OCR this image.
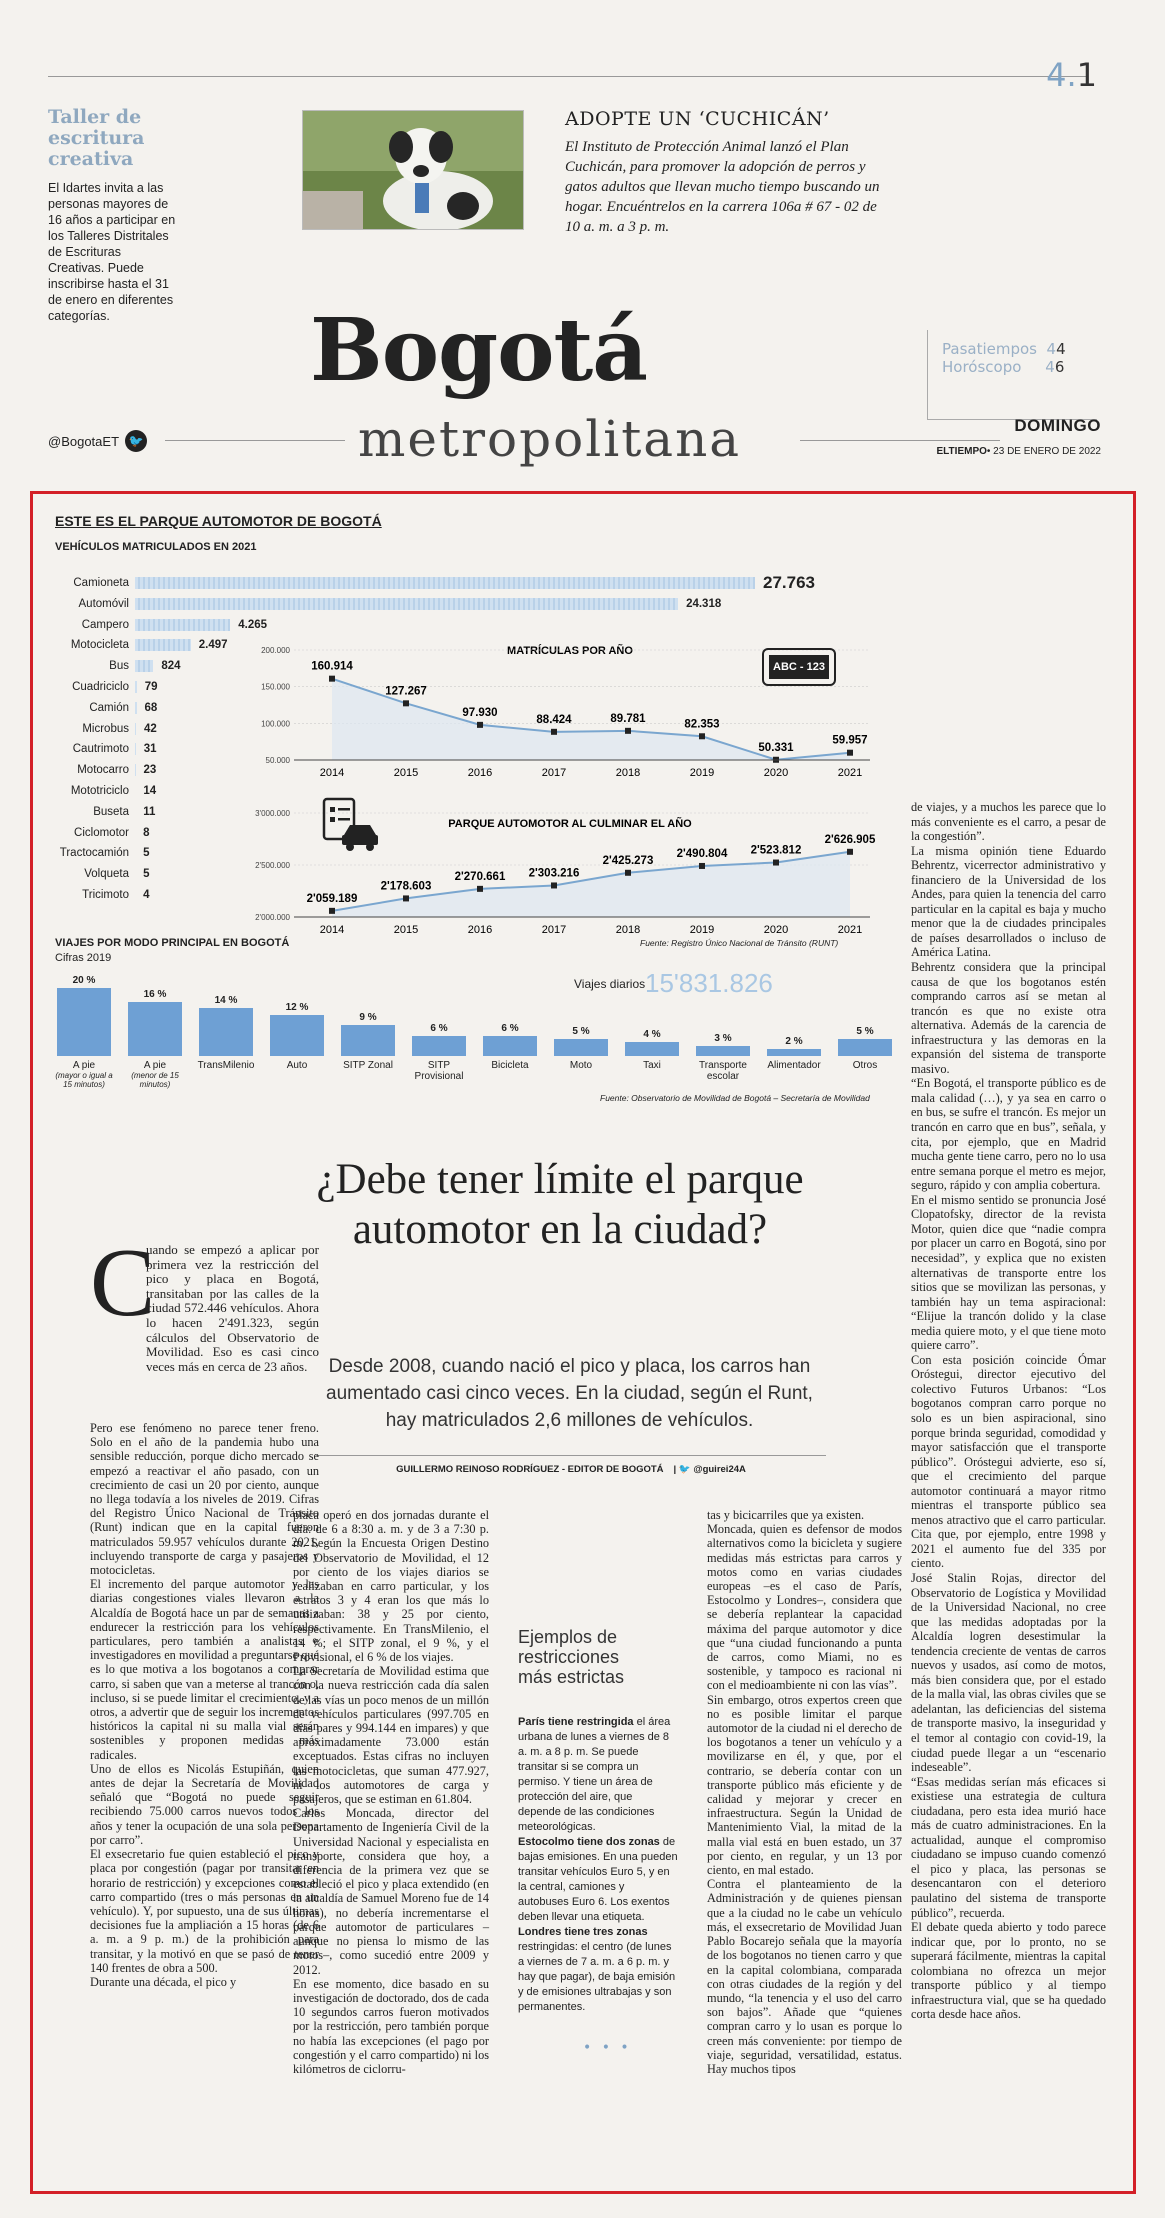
4.1
Taller de escritura creativa
El Idartes invita a las personas mayores de 16 años a participar en los Talleres Distritales de Escrituras Creativas. Puede inscribirse hasta el 31 de enero en diferentes categorías.
ADOPTE UN ‘CUCHICÁN’
El Instituto de Protección Animal lanzó el Plan Cuchicán, para promover la adopción de perros y gatos adultos que llevan mucho tiempo buscando un hogar. Encuéntrelos en la carrera 106a # 67 - 02 de 10 a. m. a 3 p. m.
Bogotá
metropolitana
@BogotaET 🐦
Pasatiempos 44
Horóscopo 46
DOMINGO
ELTIEMPO• 23 DE ENERO DE 2022
ESTE ES EL PARQUE AUTOMOTOR DE BOGOTÁ
VEHÍCULOS MATRICULADOS EN 2021
Camioneta	27.763
Automóvil	24.318
Campero	4.265
Motocicleta	2.497
Bus	824
Cuadriciclo	79
Camión	68
Microbus	42
Cautrimoto	31
Motocarro	23
Mototriciclo	14
Buseta	11
Ciclomotor	8
Tractocamión	5
Volqueta	5
Tricimoto	4
MATRÍCULAS POR AÑO
200.000
150.000
100.000
50.000
160.914
2014
127.267
2015
97.930
2016
88.424
2017
89.781
2018
82.353
2019
50.331
2020
59.957
2021
PARQUE AUTOMOTOR AL CULMINAR EL AÑO
3'000.000
2'500.000
2'000.000
2'059.189
2014
2'178.603
2015
2'270.661
2016
2'303.216
2017
2'425.273
2018
2'490.804
2019
2'523.812
2020
2'626.905
2021
ABC - 123
Fuente: Registro Único Nacional de Tránsito (RUNT)
VIAJES POR MODO PRINCIPAL EN BOGOTÁ
Cifras 2019
Viajes diarios 15'831.826
20 %
A pie
(mayor o igual a 15 minutos)
16 %
A pie
(menor de 15 minutos)
14 %
TransMilenio
12 %
Auto
9 %
SITP Zonal
6 %
SITP Provisional
6 %
Bicicleta
5 %
Moto
4 %
Taxi
3 %
Transporte escolar
2 %
Alimentador
5 %
Otros
Fuente: Observatorio de Movilidad de Bogotá – Secretaría de Movilidad
¿Debe tener límite el parque automotor en la ciudad?
Desde 2008, cuando nació el pico y placa, los carros han aumentado casi cinco veces. En la ciudad, según el Runt, hay matriculados 2,6 millones de vehículos.
GUILLERMO REINOSO RODRÍGUEZ - EDITOR DE BOGOTÁ | 🐦 @guirei24A
C
uando se empezó a aplicar por primera vez la restricción del pico y placa en Bogotá, transitaban por las calles de la ciudad 572.446 vehículos. Ahora lo hacen 2'491.323, según cálculos del Observatorio de Movilidad. Eso es casi cinco veces más en cerca de 23 años.
Pero ese fenómeno no parece tener freno. Solo en el año de la pandemia hubo una sensible reducción, porque dicho mercado se empezó a reactivar el año pasado, con un crecimiento de casi un 20 por ciento, aunque no llega todavía a los niveles de 2019. Cifras del Registro Único Nacional de Tránsito (Runt) indican que en la capital fueron matriculados 59.957 vehículos durante 2021, incluyendo transporte de carga y pasajeros y motocicletas.
El incremento del parque automotor y las diarias congestiones viales llevaron a la Alcaldía de Bogotá hace un par de semanas a endurecer la restricción para los vehículos particulares, pero también a analistas e investigadores en movilidad a preguntarse qué es lo que motiva a los bogotanos a comprar carro, si saben que van a meterse al trancón o, incluso, si se puede limitar el crecimiento, y a otros, a advertir que de seguir los incrementos históricos la capital ni su malla vial serán sostenibles y proponen medidas más radicales.
Uno de ellos es Nicolás Estupiñán, quien antes de dejar la Secretaría de Movilidad señaló que “Bogotá no puede seguir recibiendo 75.000 carros nuevos todos los años y tener la ocupación de una sola persona por carro”.
El exsecretario fue quien estableció el pico y placa por congestión (pagar por transitar en horario de restricción) y excepciones como el carro compartido (tres o más personas en un vehículo). Y, por supuesto, una de sus últimas decisiones fue la ampliación a 15 horas (de 6 a. m. a 9 p. m.) de la prohibición para transitar, y la motivó en que se pasó de tener 140 frentes de obra a 500.
Durante una década, el pico y
placa operó en dos jornadas durante el día: de 6 a 8:30 a. m. y de 3 a 7:30 p. m. Según la Encuesta Origen Destino del Observatorio de Movilidad, el 12 por ciento de los viajes diarios se realizaban en carro particular, y los estratos 3 y 4 eran los que más lo utilizaban: 38 y 25 por ciento, respectivamente. En TransMilenio, el 14 %; el SITP zonal, el 9 %, y el Provisional, el 6 % de los viajes.
La Secretaría de Movilidad estima que con la nueva restricción cada día salen de las vías un poco menos de un millón de vehículos particulares (997.705 en días pares y 994.144 en impares) y que aproximadamente 73.000 están exceptuados. Estas cifras no incluyen las motocicletas, que suman 477.927, ni los automotores de carga y pasajeros, que se estiman en 61.804.
Carlos Moncada, director del Departamento de Ingeniería Civil de la Universidad Nacional y especialista en transporte, considera que hoy, a diferencia de la primera vez que se estableció el pico y placa extendido (en la alcaldía de Samuel Moreno fue de 14 horas), no debería incrementarse el parque automotor de particulares –aunque no piensa lo mismo de las motos–, como sucedió entre 2009 y 2012.
En ese momento, dice basado en su investigación de doctorado, dos de cada 10 segundos carros fueron motivados por la restricción, pero también porque no había las excepciones (el pago por congestión y el carro compartido) ni los kilómetros de ciclorru-
Ejemplos de restricciones más estrictas

París tiene restringida el área urbana de lunes a viernes de 8 a. m. a 8 p. m. Se puede transitar si se compra un permiso. Y tiene un área de protección del aire, que depende de las condiciones meteorológicas.

Estocolmo tiene dos zonas de bajas emisiones. En una pueden transitar vehículos Euro 5, y en la central, camiones y autobuses Euro 6. Los exentos deben llevar una etiqueta.

Londres tiene tres zonas restringidas: el centro (de lunes a viernes de 7 a. m. a 6 p. m. y hay que pagar), de baja emisión y de emisiones ultrabajas y son permanentes.

• • •
tas y bicicarriles que ya existen.
Moncada, quien es defensor de modos alternativos como la bicicleta y sugiere medidas más estrictas para carros y motos como en varias ciudades europeas –es el caso de París, Estocolmo y Londres–, considera que se debería replantear la capacidad máxima del parque automotor y dice que “una ciudad funcionando a punta de carros, como Miami, no es sostenible, y tampoco es racional ni con el medioambiente ni con las vías”.
Sin embargo, otros expertos creen que no es posible limitar el parque automotor de la ciudad ni el derecho de los bogotanos a tener un vehículo y a movilizarse en él, y que, por el contrario, se debería contar con un transporte público más eficiente y de calidad y mejorar y crecer en infraestructura. Según la Unidad de Mantenimiento Vial, la mitad de la malla vial está en buen estado, un 37 por ciento, en regular, y un 13 por ciento, en mal estado.
Contra el planteamiento de la Administración y de quienes piensan que a la ciudad no le cabe un vehículo más, el exsecretario de Movilidad Juan Pablo Bocarejo señala que la mayoría de los bogotanos no tienen carro y que en la capital colombiana, comparada con otras ciudades de la región y del mundo, “la tenencia y el uso del carro son bajos”. Añade que “quienes compran carro y lo usan es porque lo creen más conveniente: por tiempo de viaje, seguridad, versatilidad, estatus. Hay muchos tipos
de viajes, y a muchos les parece que lo más conveniente es el carro, a pesar de la congestión”.
La misma opinión tiene Eduardo Behrentz, vicerrector administrativo y financiero de la Universidad de los Andes, para quien la tenencia del carro particular en la capital es baja y mucho menor que la de ciudades principales de países desarrollados o incluso de América Latina.
Behrentz considera que la principal causa de que los bogotanos estén comprando carros así se metan al trancón es que no existe otra alternativa. Además de la carencia de infraestructura y las demoras en la expansión del sistema de transporte masivo.
“En Bogotá, el transporte público es de mala calidad (…), y ya sea en carro o en bus, se sufre el trancón. Es mejor un trancón en carro que en bus”, señala, y cita, por ejemplo, que en Madrid mucha gente tiene carro, pero no lo usa entre semana porque el metro es mejor, seguro, rápido y con amplia cobertura.
En el mismo sentido se pronuncia José Clopatofsky, director de la revista Motor, quien dice que “nadie compra por placer un carro en Bogotá, sino por necesidad”, y explica que no existen alternativas de transporte entre los sitios que se movilizan las personas, y también hay un tema aspiracional: “Elijue la trancón dolido y la clase media quiere moto, y el que tiene moto quiere carro”.
Con esta posición coincide Ómar Oróstegui, director ejecutivo del colectivo Futuros Urbanos: “Los bogotanos compran carro porque no solo es un bien aspiracional, sino porque brinda seguridad, comodidad y mayor satisfacción que el transporte público”. Oróstegui advierte, eso sí, que el crecimiento del parque automotor continuará a mayor ritmo mientras el transporte público sea menos atractivo que el carro particular. Cita que, por ejemplo, entre 1998 y 2021 el aumento fue del 335 por ciento.
José Stalin Rojas, director del Observatorio de Logística y Movilidad de la Universidad Nacional, no cree que las medidas adoptadas por la Alcaldía logren desestimular la tendencia creciente de ventas de carros nuevos y usados, así como de motos, más bien considera que, por el estado de la malla vial, las obras civiles que se adelantan, las deficiencias del sistema de transporte masivo, la inseguridad y el temor al contagio con covid-19, la ciudad puede llegar a un “escenario indeseable”.
“Esas medidas serían más eficaces si existiese una estrategia de cultura ciudadana, pero esta idea murió hace más de cuatro administraciones. En la actualidad, aunque el compromiso ciudadano se impuso cuando comenzó el pico y placa, las personas se desencantaron con el deterioro paulatino del sistema de transporte público”, recuerda.
El debate queda abierto y todo parece indicar que, por lo pronto, no se superará fácilmente, mientras la capital colombiana no ofrezca un mejor transporte público y al tiempo infraestructura vial, que se ha quedado corta desde hace años.
